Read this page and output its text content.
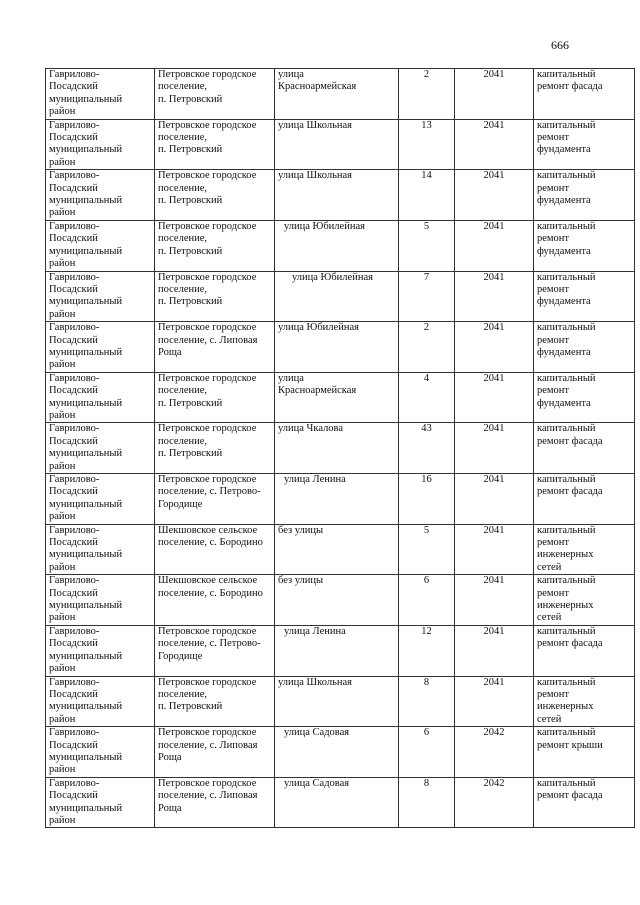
666
Гаврилово-
Посадский
муниципальный
район	Петровское городское
поселение,
п. Петровский	улица
Красноармейская	2	2041	капитальный
ремонт фасада

Гаврилово-
Посадский
муниципальный
район	Петровское городское
поселение,
п. Петровский	улица Школьная	13	2041	капитальный
ремонт
фундамента

Гаврилово-
Посадский
муниципальный
район	Петровское городское
поселение,
п. Петровский	улица Школьная	14	2041	капитальный
ремонт
фундамента

Гаврилово-
Посадский
муниципальный
район	Петровское городское
поселение,
п. Петровский	улица Юбилейная	5	2041	капитальный
ремонт
фундамента

Гаврилово-
Посадский
муниципальный
район	Петровское городское
поселение,
п. Петровский	улица Юбилейная	7	2041	капитальный
ремонт
фундамента

Гаврилово-
Посадский
муниципальный
район	Петровское городское
поселение, с. Липовая
Роща	улица Юбилейная	2	2041	капитальный
ремонт
фундамента

Гаврилово-
Посадский
муниципальный
район	Петровское городское
поселение,
п. Петровский	улица
Красноармейская	4	2041	капитальный
ремонт
фундамента

Гаврилово-
Посадский
муниципальный
район	Петровское городское
поселение,
п. Петровский	улица Чкалова	43	2041	капитальный
ремонт фасада

Гаврилово-
Посадский
муниципальный
район	Петровское городское
поселение, с. Петрово-
Городище	улица Ленина	16	2041	капитальный
ремонт фасада

Гаврилово-
Посадский
муниципальный
район	Шекшовское сельское
поселение, с. Бородино	без улицы	5	2041	капитальный
ремонт
инженерных
сетей

Гаврилово-
Посадский
муниципальный
район	Шекшовское сельское
поселение, с. Бородино	без улицы	6	2041	капитальный
ремонт
инженерных
сетей

Гаврилово-
Посадский
муниципальный
район	Петровское городское
поселение, с. Петрово-
Городище	улица Ленина	12	2041	капитальный
ремонт фасада

Гаврилово-
Посадский
муниципальный
район	Петровское городское
поселение,
п. Петровский	улица Школьная	8	2041	капитальный
ремонт
инженерных
сетей

Гаврилово-
Посадский
муниципальный
район	Петровское городское
поселение, с. Липовая
Роща	улица Садовая	6	2042	капитальный
ремонт крыши

Гаврилово-
Посадский
муниципальный
район	Петровское городское
поселение, с. Липовая
Роща	улица Садовая	8	2042	капитальный
ремонт фасада
